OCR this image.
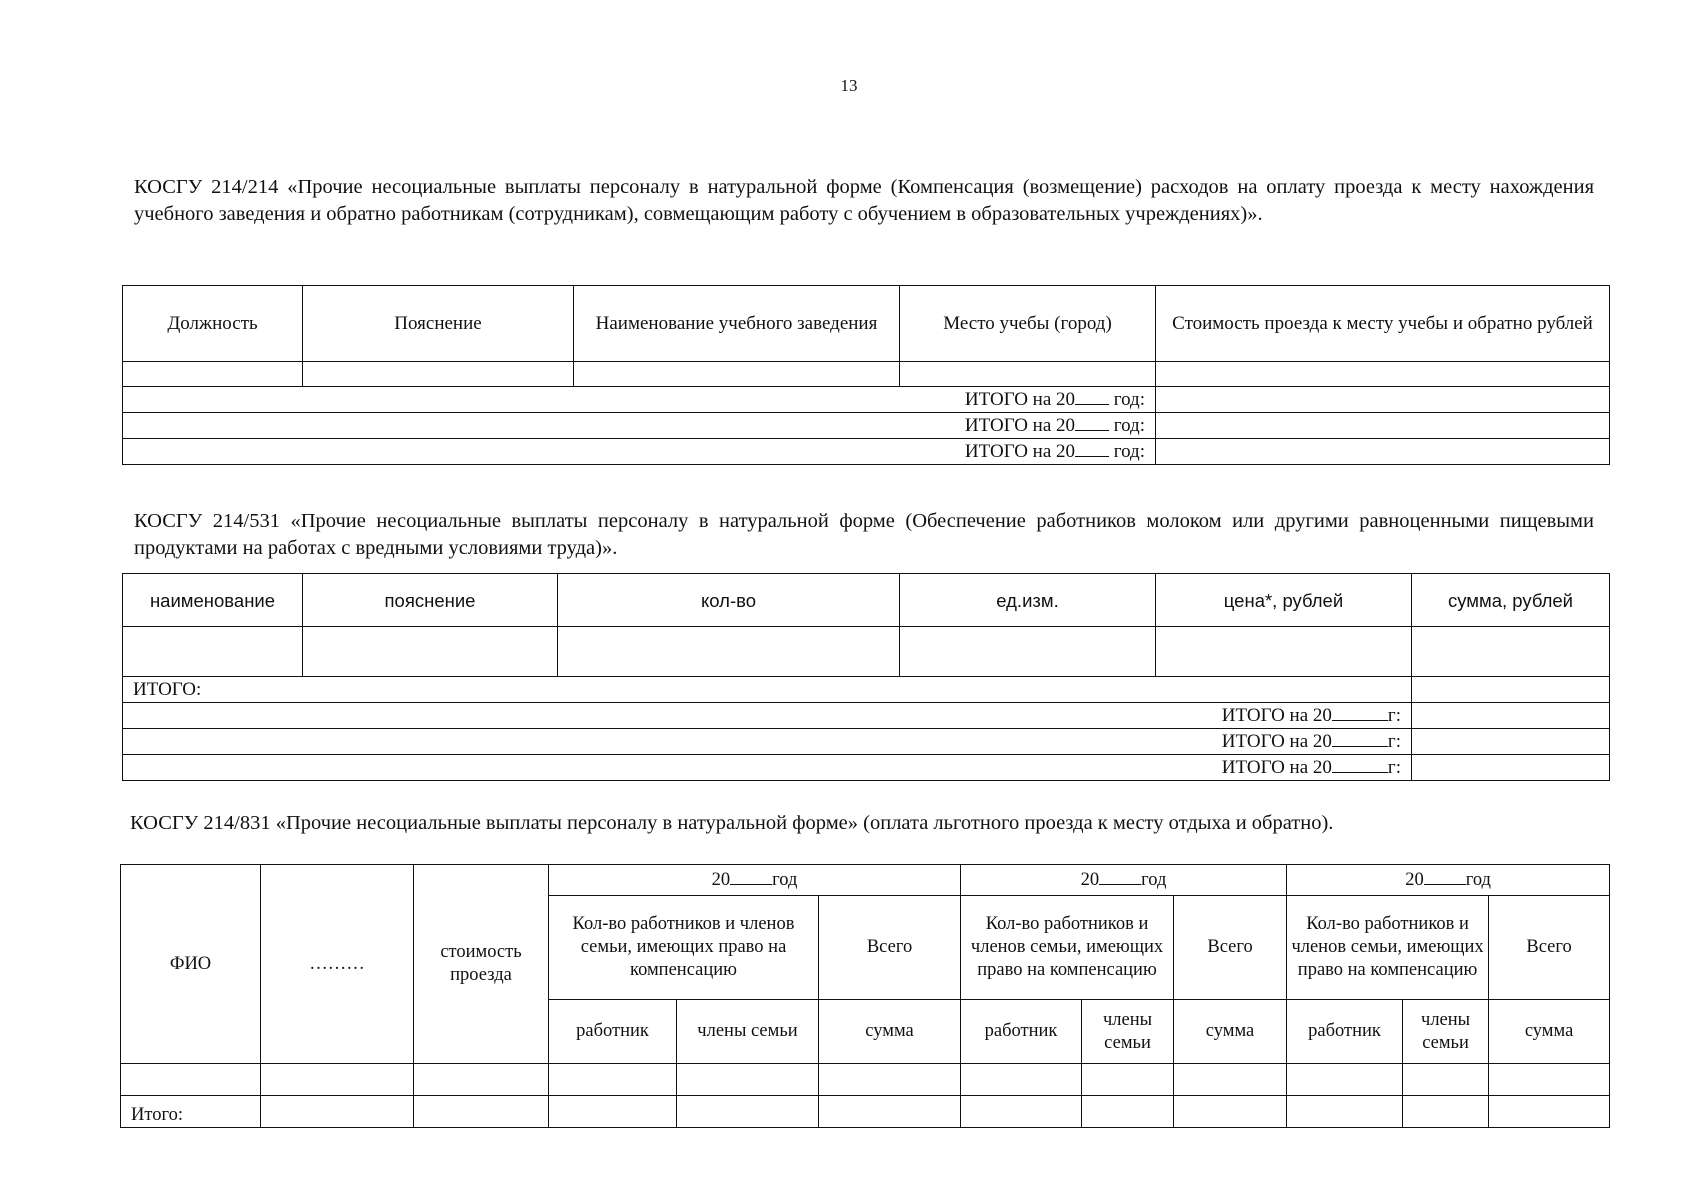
13
КОСГУ 214/214 «Прочие несоциальные выплаты персоналу в натуральной форме (Компенсация (возмещение) расходов на оплату проезда к месту нахождения учебного заведения и обратно работникам (сотрудникам), совмещающим работу с обучением в образовательных учреждениях)».
Должность	Пояснение	Наименование учебного заведения	Место учебы (город)	Стоимость проезда к месту учебы и обратно рублей

ИТОГО на 20 год:				
ИТОГО на 20 год:				
ИТОГО на 20 год:				
КОСГУ 214/531 «Прочие несоциальные выплаты персоналу в натуральной форме (Обеспечение работников молоком или другими равноценными пищевыми продуктами на работах с вредными условиями труда)».
наименование	пояснение	кол-во	ед.изм.	цена*, рублей	сумма, рублей

ИТОГО:					
ИТОГО на 20 г:					
ИТОГО на 20 г:					
ИТОГО на 20 г:					
КОСГУ 214/831 «Прочие несоциальные выплаты персоналу в натуральной форме» (оплата льготного проезда к месту отдыха и обратно).
ФИО	………	стоимость проезда	20 год			20 год			20 год		
			Кол-во работников и членов семьи, имеющих право на компенсацию		Всего	Кол-во работников и членов семьи, имеющих право на компенсацию		Всего	Кол-во работников и членов семьи, имеющих право на компенсацию		Всего
			работник	члены семьи	сумма	работник	члены семьи	сумма	работник	члены семьи	сумма

Итого:											
